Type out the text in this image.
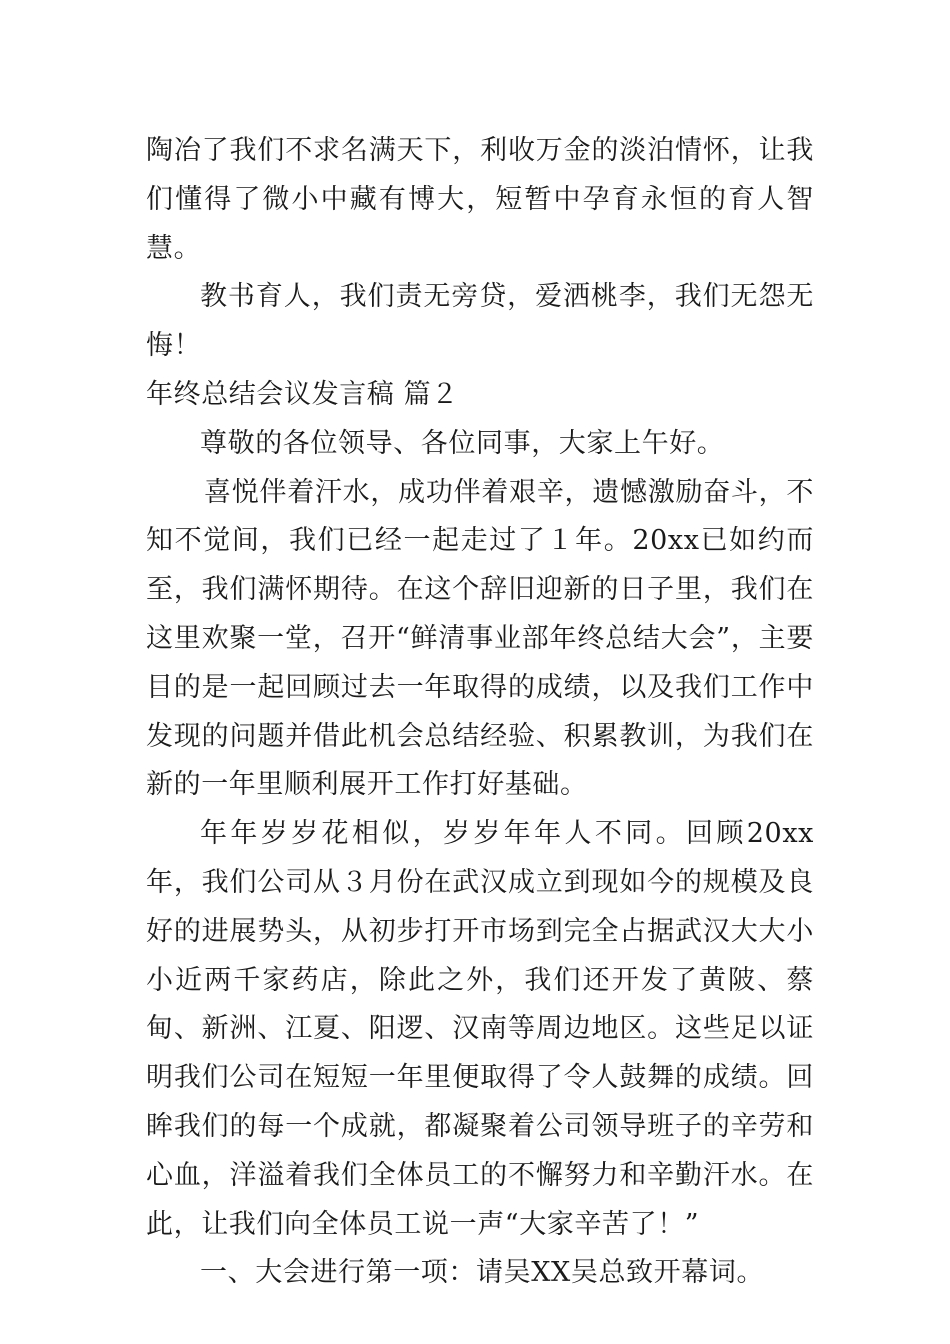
陶冶了我们不求名满天下，利收万金的淡泊情怀，让我们懂得了微小中藏有博大，短暂中孕育永恒的育人智慧。

教书育人，我们责无旁贷，爱洒桃李，我们无怨无悔！

年终总结会议发言稿 篇２

尊敬的各位领导、各位同事，大家上午好。

喜悦伴着汗水，成功伴着艰辛，遗憾激励奋斗，不知不觉间，我们已经一起走过了１年。20xx已如约而至，我们满怀期待。在这个辞旧迎新的日子里，我们在这里欢聚一堂，召开“鲜清事业部年终总结大会”，主要目的是一起回顾过去一年取得的成绩，以及我们工作中发现的问题并借此机会总结经验、积累教训，为我们在新的一年里顺利展开工作打好基础。

年年岁岁花相似，岁岁年年人不同。回顾20xx年，我们公司从３月份在武汉成立到现如今的规模及良好的进展势头，从初步打开市场到完全占据武汉大大小小近两千家药店，除此之外，我们还开发了黄陂、蔡甸、新洲、江夏、阳逻、汉南等周边地区。这些足以证明我们公司在短短一年里便取得了令人鼓舞的成绩。回眸我们的每一个成就，都凝聚着公司领导班子的辛劳和心血，洋溢着我们全体员工的不懈努力和辛勤汗水。在此，让我们向全体员工说一声“大家辛苦了！”

一、大会进行第一项：请吴XX吴总致开幕词。
